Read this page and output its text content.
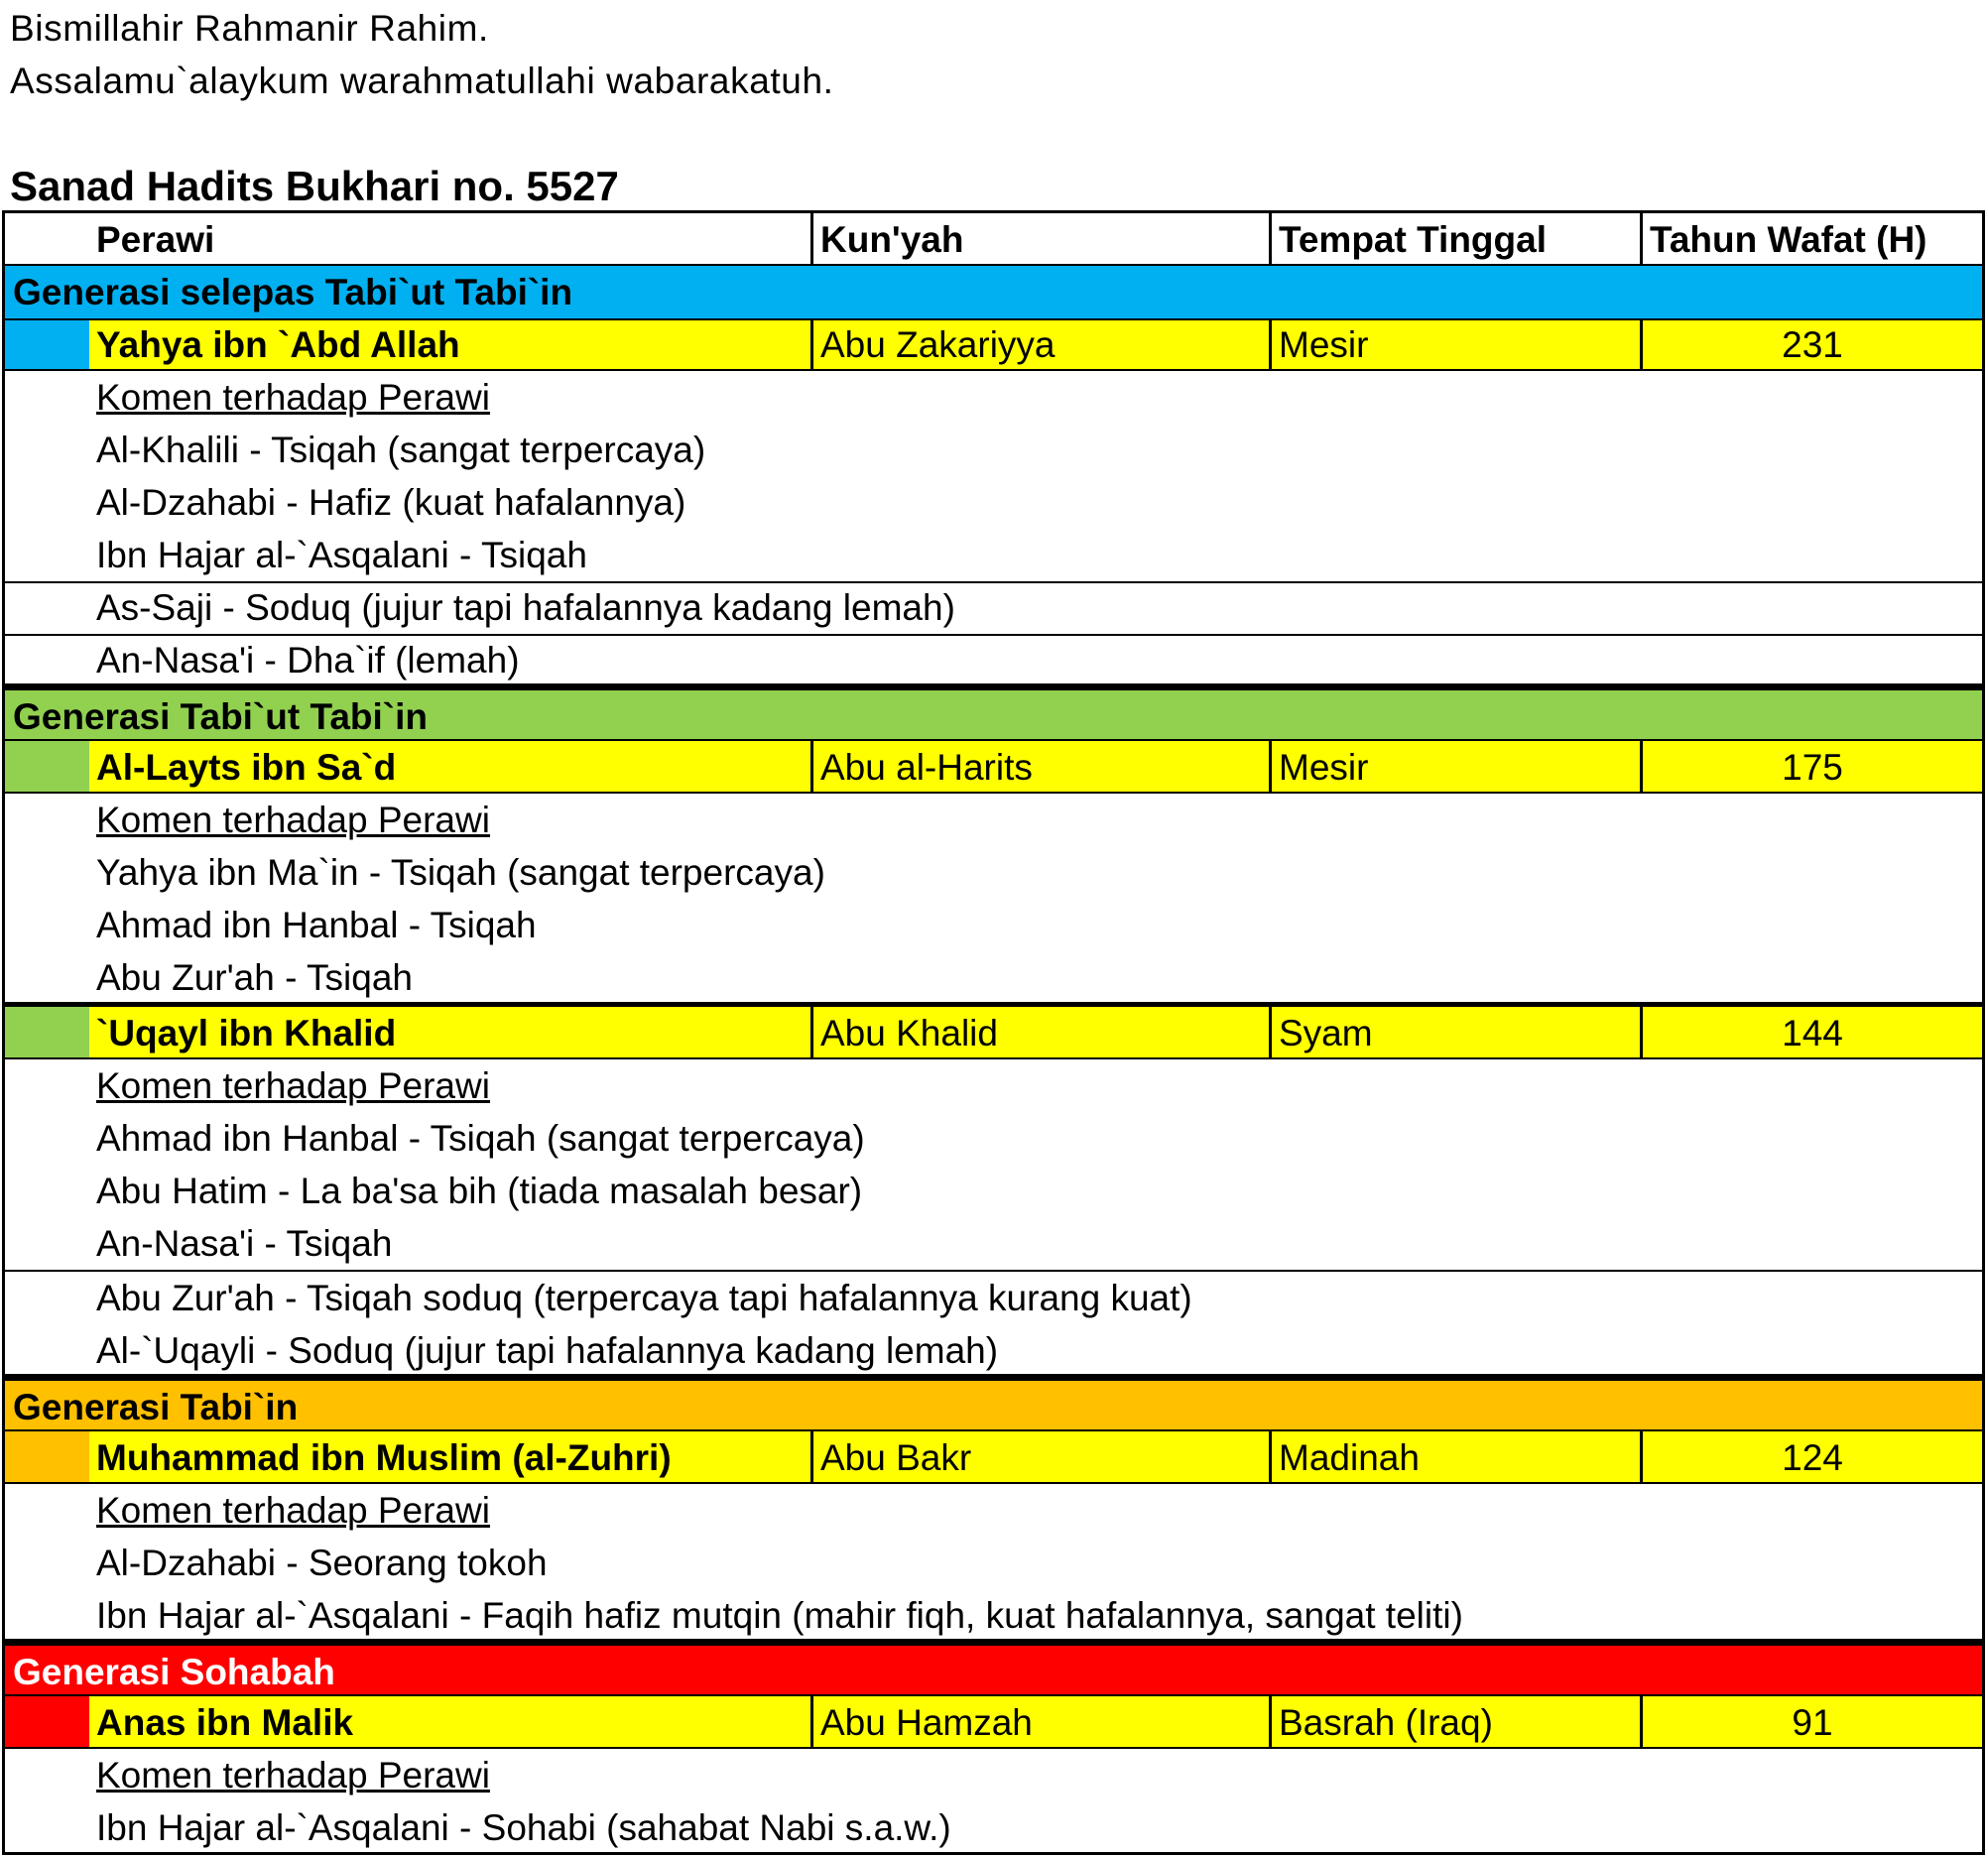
Bismillahir Rahmanir Rahim.
Assalamu`alaykum warahmatullahi wabarakatuh.
Sanad Hadits Bukhari no. 5527
Perawi	Kun'yah	Tempat Tinggal	Tahun Wafat (H)
Generasi selepas Tabi`ut Tabi`in
Yahya ibn `Abd Allah	Abu Zakariyya	Mesir	231
Komen terhadap Perawi
Al-Khalili - Tsiqah (sangat terpercaya)
Al-Dzahabi - Hafiz (kuat hafalannya)
Ibn Hajar al-`Asqalani - Tsiqah
As-Saji - Soduq (jujur tapi hafalannya kadang lemah)
An-Nasa'i - Dha`if (lemah)
Generasi Tabi`ut Tabi`in
Al-Layts ibn Sa`d	Abu al-Harits	Mesir	175
Komen terhadap Perawi
Yahya ibn Ma`in - Tsiqah (sangat terpercaya)
Ahmad ibn Hanbal - Tsiqah
Abu Zur'ah - Tsiqah
`Uqayl ibn Khalid	Abu Khalid	Syam	144
Komen terhadap Perawi
Ahmad ibn Hanbal - Tsiqah (sangat terpercaya)
Abu Hatim - La ba'sa bih (tiada masalah besar)
An-Nasa'i - Tsiqah
Abu Zur'ah - Tsiqah soduq (terpercaya tapi hafalannya kurang kuat)
Al-`Uqayli - Soduq (jujur tapi hafalannya kadang lemah)
Generasi Tabi`in
Muhammad ibn Muslim (al-Zuhri)	Abu Bakr	Madinah	124
Komen terhadap Perawi
Al-Dzahabi - Seorang tokoh
Ibn Hajar al-`Asqalani - Faqih hafiz mutqin (mahir fiqh, kuat hafalannya, sangat teliti)
Generasi Sohabah
Anas ibn Malik	Abu Hamzah	Basrah (Iraq)	91
Komen terhadap Perawi
Ibn Hajar al-`Asqalani - Sohabi (sahabat Nabi s.a.w.)
